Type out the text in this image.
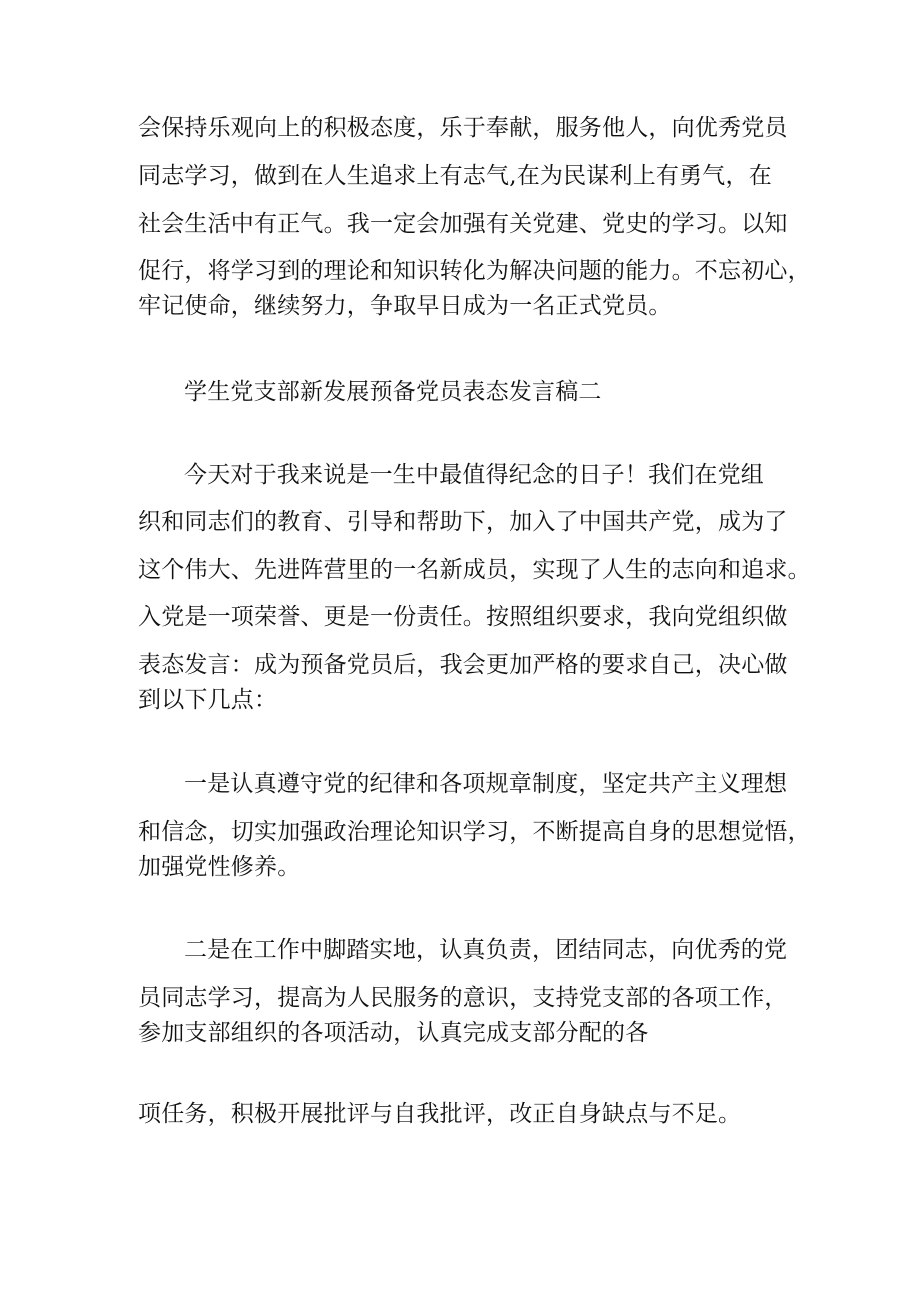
会保持乐观向上的积极态度，乐于奉献，服务他人，向优秀党员

同志学习，做到在人生追求上有志气,在为民谋利上有勇气，在

社会生活中有正气。我一定会加强有关党建、党史的学习。以知

促行，将学习到的理论和知识转化为解决问题的能力。不忘初心，

牢记使命，继续努力，争取早日成为一名正式党员。

学生党支部新发展预备党员表态发言稿二

今天对于我来说是一生中最值得纪念的日子！我们在党组

织和同志们的教育、引导和帮助下，加入了中国共产党，成为了

这个伟大、先进阵营里的一名新成员，实现了人生的志向和追求。

入党是一项荣誉、更是一份责任。按照组织要求，我向党组织做

表态发言：成为预备党员后，我会更加严格的要求自己，决心做

到以下几点：

一是认真遵守党的纪律和各项规章制度，坚定共产主义理想

和信念，切实加强政治理论知识学习，不断提高自身的思想觉悟，

加强党性修养。

二是在工作中脚踏实地，认真负责，团结同志，向优秀的党

员同志学习，提高为人民服务的意识，支持党支部的各项工作，

参加支部组织的各项活动，认真完成支部分配的各

项任务，积极开展批评与自我批评，改正自身缺点与不足。
